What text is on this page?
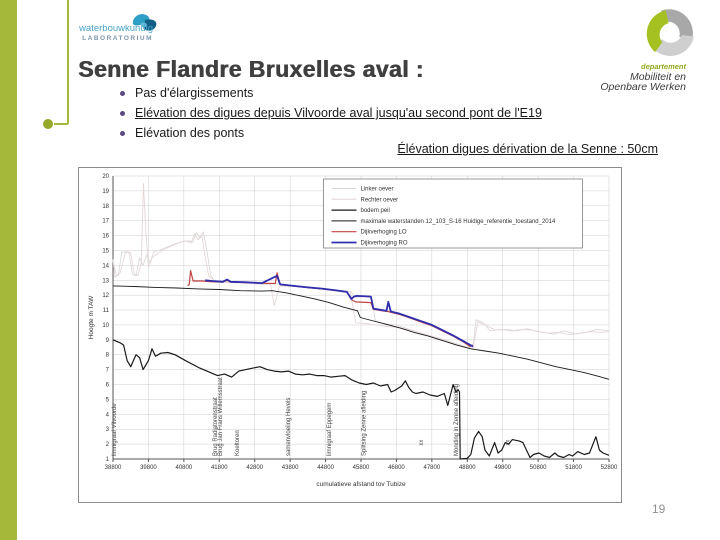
waterbouwkundig
LABORATORIUM
departement
Mobiliteit en
Openbare Werken
Senne Flandre Bruxelles aval :
Pas d'élargissements
Elévation des digues depuis Vilvoorde aval jusqu'au second pont de l'E19
Elévation des ponts
Élévation digues dérivation de la Senne : 50cm
1
2
3
4
5
6
7
8
9
10
11
12
13
14
15
16
17
18
19
20
38800	39800	40800	41800	42800	43800	44800	45800	46800	47800	48800	49800	50800	51800	52800
cumulatieve afstand tov Tubize
Hoogte m TAW
limnigraaf Vilvoorde	Brug Radiatorenstraat Brug Jan Frans Willemsstraat Koeltoren	samenvloeiing Hevels	limnigraaf Eppegem	Splitsing Zenne afleiding	Monding in Zenne afleiding
xx	xx
Linker oever
Rechter oever
bodem peil
maximale waterstanden 12_103_S-16 Huidige_referentie_toestand_2014
Dijkverhoging LO
Dijkverhoging RO
19
